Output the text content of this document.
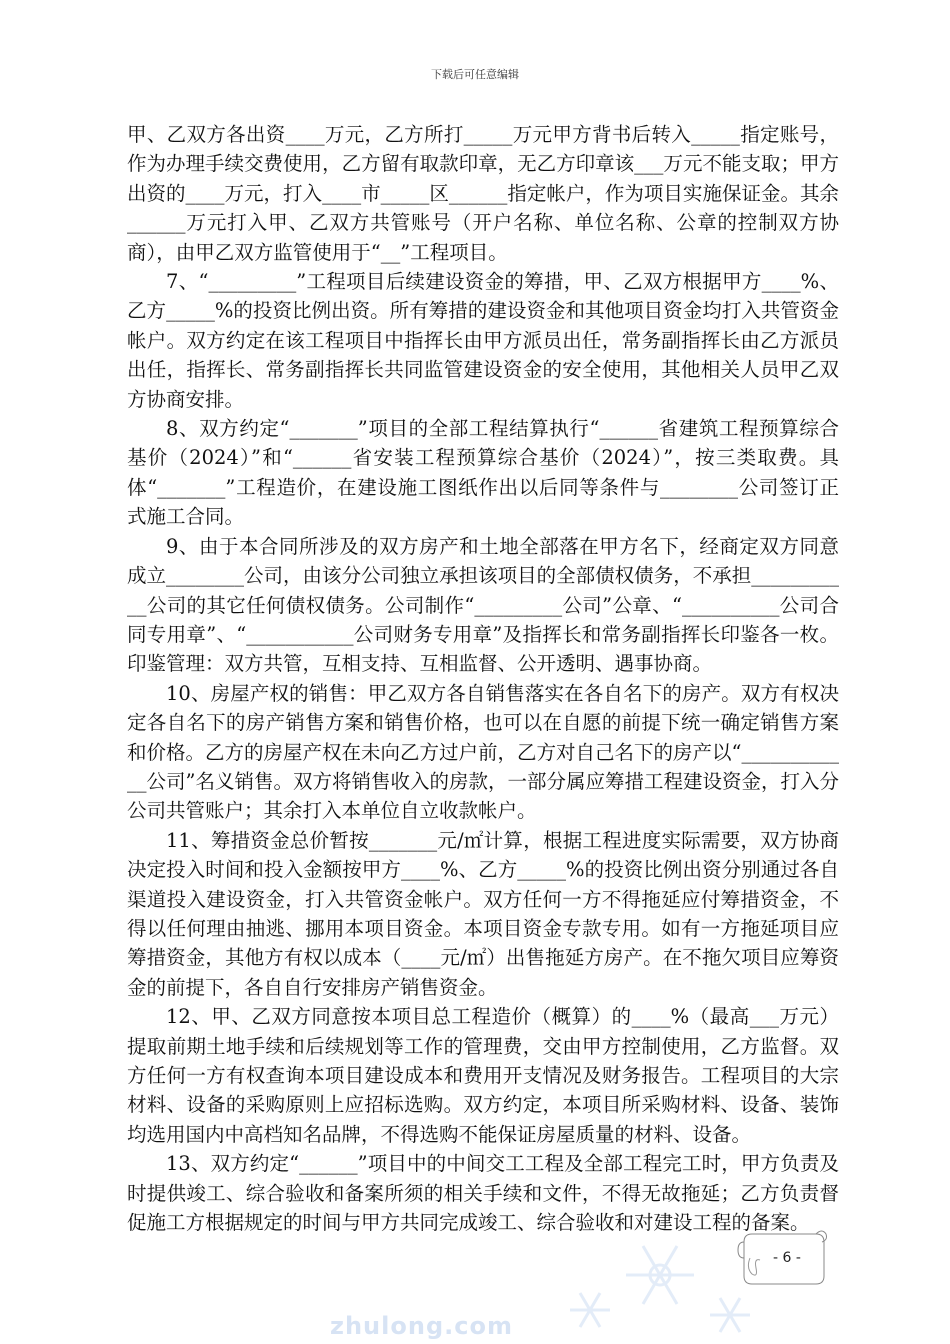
下载后可任意编辑

甲、乙双方各出资____万元，乙方所打_____万元甲方背书后转入_____指定账号，作为办理手续交费使用，乙方留有取款印章，无乙方印章该___万元不能支取；甲方出资的____万元，打入____市_____区______指定帐户，作为项目实施保证金。其余______万元打入甲、乙双方共管账号（开户名称、单位名称、公章的控制双方协商），由甲乙双方监管使用于“__”工程项目。

7、“_________”工程项目后续建设资金的筹措，甲、乙双方根据甲方____%、乙方_____%的投资比例出资。所有筹措的建设资金和其他项目资金均打入共管资金帐户。双方约定在该工程项目中指挥长由甲方派员出任，常务副指挥长由乙方派员出任，指挥长、常务副指挥长共同监管建设资金的安全使用，其他相关人员甲乙双方协商安排。

8、双方约定“_______”项目的全部工程结算执行“______省建筑工程预算综合基价（2024）”和“______省安装工程预算综合基价（2024）”，按三类取费。具体“_______”工程造价，在建设施工图纸作出以后同等条件与________公司签订正式施工合同。

9、由于本合同所涉及的双方房产和土地全部落在甲方名下，经商定双方同意成立________公司，由该分公司独立承担该项目的全部债权债务，不承担___________公司的其它任何债权债务。公司制作“_________公司”公章、“__________公司合同专用章”、“___________公司财务专用章”及指挥长和常务副指挥长印鉴各一枚。印鉴管理：双方共管，互相支持、互相监督、公开透明、遇事协商。

10、房屋产权的销售：甲乙双方各自销售落实在各自名下的房产。双方有权决定各自名下的房产销售方案和销售价格，也可以在自愿的前提下统一确定销售方案和价格。乙方的房屋产权在未向乙方过户前，乙方对自己名下的房产以“____________公司”名义销售。双方将销售收入的房款，一部分属应筹措工程建设资金，打入分公司共管账户；其余打入本单位自立收款帐户。

11、筹措资金总价暂按_______元/㎡计算，根据工程进度实际需要，双方协商决定投入时间和投入金额按甲方____%、乙方_____%的投资比例出资分别通过各自渠道投入建设资金，打入共管资金帐户。双方任何一方不得拖延应付筹措资金，不得以任何理由抽逃、挪用本项目资金。本项目资金专款专用。如有一方拖延项目应筹措资金，其他方有权以成本（____元/㎡）出售拖延方房产。在不拖欠项目应筹资金的前提下，各自自行安排房产销售资金。

12、甲、乙双方同意按本项目总工程造价（概算）的____%（最高___万元）提取前期土地手续和后续规划等工作的管理费，交由甲方控制使用，乙方监督。双方任何一方有权查询本项目建设成本和费用开支情况及财务报告。工程项目的大宗材料、设备的采购原则上应招标选购。双方约定，本项目所采购材料、设备、装饰均选用国内中高档知名品牌，不得选购不能保证房屋质量的材料、设备。

13、双方约定“______”项目中的中间交工工程及全部工程完工时，甲方负责及时提供竣工、综合验收和备案所须的相关手续和文件，不得无故拖延；乙方负责督促施工方根据规定的时间与甲方共同完成竣工、综合验收和对建设工程的备案。

- 6 -
zhulong.com
